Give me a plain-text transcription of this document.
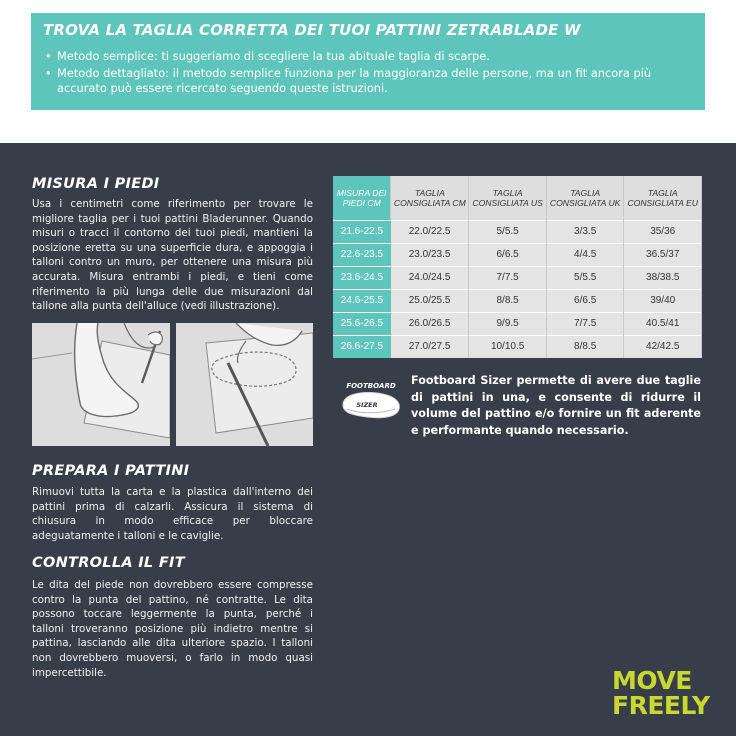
TROVA LA TAGLIA CORRETTA DEI TUOI PATTINI ZETRABLADE W
• Metodo semplice: ti suggeriamo di scegliere la tua abituale taglia di scarpe.
• Metodo dettagliato: il metodo semplice funziona per la maggioranza delle persone, ma un fit ancora più accurato può essere ricercato seguendo queste istruzioni.
MISURA I PIEDI
Usa i centimetri come riferimento per trovare le migliore taglia per i tuoi pattini Bladerunner. Quando misuri o tracci il contorno dei tuoi piedi, mantieni la posizione eretta su una superficie dura, e appoggia i talloni contro un muro, per ottenere una misura più accurata. Misura entrambi i piedi, e tieni come riferimento la più lunga delle due misurazioni dal tallone alla punta dell'alluce (vedi illustrazione).
PREPARA I PATTINI
Rimuovi tutta la carta e la plastica dall'interno dei pattini prima di calzarli. Assicura il sistema di chiusura in modo efficace per bloccare adeguatamente i talloni e le caviglie.
CONTROLLA IL FIT
Le dita del piede non dovrebbero essere compresse contro la punta del pattino, né contratte. Le dita possono toccare leggermente la punta, perché i talloni troveranno posizione più indietro mentre si pattina, lasciando alle dita ulteriore spazio. I talloni non dovrebbero muoversi, o farlo in modo quasi impercettibile.
MISURA DEI PIEDI CM	TAGLIA CONSIGLIATA CM	TAGLIA CONSIGLIATA US	TAGLIA CONSIGLIATA UK	TAGLIA CONSIGLIATA EU
21.6-22.5	22.0/22.5	5/5.5	3/3.5	35/36
22.6-23.5	23.0/23.5	6/6.5	4/4.5	36.5/37
23.6-24.5	24.0/24.5	7/7.5	5/5.5	38/38.5
24.6-25.5	25.0/25.5	8/8.5	6/6.5	39/40
25.6-26.5	26.0/26.5	9/9.5	7/7.5	40.5/41
26.6-27.5	27.0/27.5	10/10.5	8/8.5	42/42.5
FOOTBOARD
SIZER
Footboard Sizer permette di avere due taglie di pattini in una, e consente di ridurre il volume del pattino e/o fornire un fit aderente e performante quando necessario.
MOVE
FREELY
